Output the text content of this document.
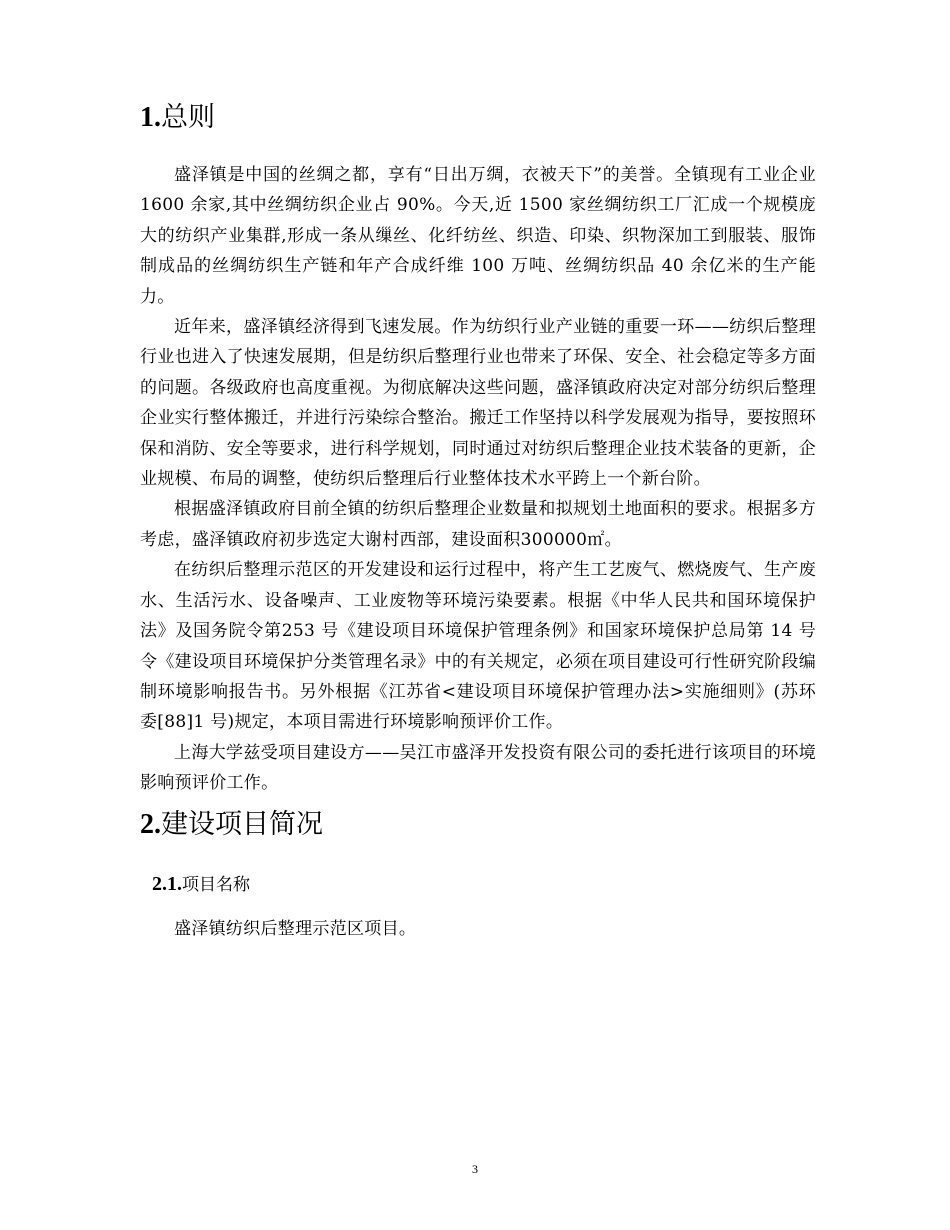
1.总则

盛泽镇是中国的丝绸之都，享有“日出万绸，衣被天下”的美誉。全镇现有工业企业 1600 余家,其中丝绸纺织企业占 90%。今天,近 1500 家丝绸纺织工厂汇成一个规模庞大的纺织产业集群,形成一条从缫丝、化纤纺丝、织造、印染、织物深加工到服装、服饰制成品的丝绸纺织生产链和年产合成纤维 100 万吨、丝绸纺织品 40 余亿米的生产能力。

近年来，盛泽镇经济得到飞速发展。作为纺织行业产业链的重要一环——纺织后整理行业也进入了快速发展期，但是纺织后整理行业也带来了环保、安全、社会稳定等多方面的问题。各级政府也高度重视。为彻底解决这些问题，盛泽镇政府决定对部分纺织后整理企业实行整体搬迁，并进行污染综合整治。搬迁工作坚持以科学发展观为指导，要按照环保和消防、安全等要求，进行科学规划，同时通过对纺织后整理企业技术装备的更新，企业规模、布局的调整，使纺织后整理后行业整体技术水平跨上一个新台阶。

根据盛泽镇政府目前全镇的纺织后整理企业数量和拟规划土地面积的要求。根据多方考虑，盛泽镇政府初步选定大谢村西部，建设面积300000㎡。

在纺织后整理示范区的开发建设和运行过程中，将产生工艺废气、燃烧废气、生产废水、生活污水、设备噪声、工业废物等环境污染要素。根据《中华人民共和国环境保护法》及国务院令第253 号《建设项目环境保护管理条例》和国家环境保护总局第 14 号令《建设项目环境保护分类管理名录》中的有关规定，必须在项目建设可行性研究阶段编制环境影响报告书。另外根据《江苏省<建设项目环境保护管理办法>实施细则》(苏环委[88]1 号)规定，本项目需进行环境影响预评价工作。

上海大学兹受项目建设方——吴江市盛泽开发投资有限公司的委托进行该项目的环境影响预评价工作。

2.建设项目简况
2.1.项目名称

盛泽镇纺织后整理示范区项目。

3
